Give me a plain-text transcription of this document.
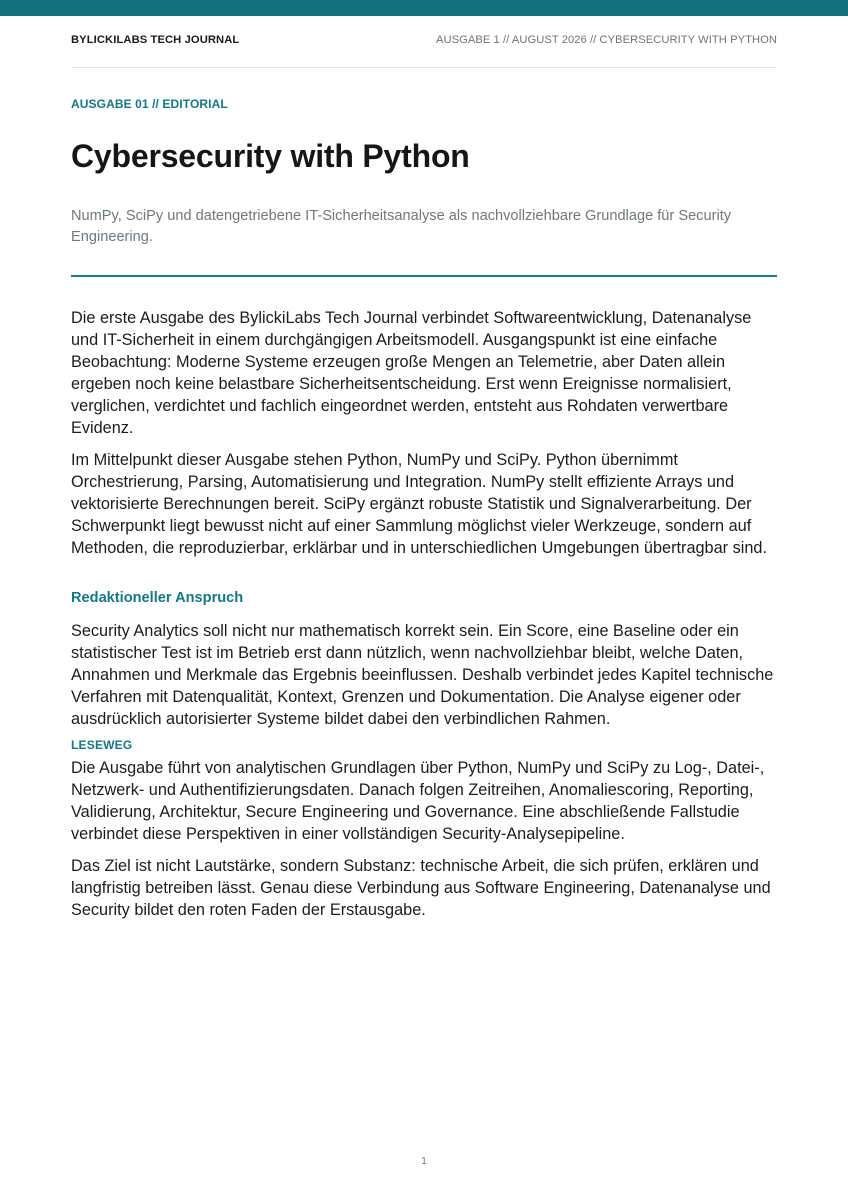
BYLICKILABS TECH JOURNAL	AUSGABE 1 // AUGUST 2026 // CYBERSECURITY WITH PYTHON
AUSGABE 01 // EDITORIAL
Cybersecurity with Python

NumPy, SciPy und datengetriebene IT-Sicherheitsanalyse als nachvollziehbare Grundlage für Security Engineering.

Die erste Ausgabe des BylickiLabs Tech Journal verbindet Softwareentwicklung, Datenanalyse und IT-Sicherheit in einem durchgängigen Arbeitsmodell. Ausgangspunkt ist eine einfache Beobachtung: Moderne Systeme erzeugen große Mengen an Telemetrie, aber Daten allein ergeben noch keine belastbare Sicherheitsentscheidung. Erst wenn Ereignisse normalisiert, verglichen, verdichtet und fachlich eingeordnet werden, entsteht aus Rohdaten verwertbare Evidenz.

Im Mittelpunkt dieser Ausgabe stehen Python, NumPy und SciPy. Python übernimmt Orchestrierung, Parsing, Automatisierung und Integration. NumPy stellt effiziente Arrays und vektorisierte Berechnungen bereit. SciPy ergänzt robuste Statistik und Signalverarbeitung. Der Schwerpunkt liegt bewusst nicht auf einer Sammlung möglichst vieler Werkzeuge, sondern auf Methoden, die reproduzierbar, erklärbar und in unterschiedlichen Umgebungen übertragbar sind.

Redaktioneller Anspruch

Security Analytics soll nicht nur mathematisch korrekt sein. Ein Score, eine Baseline oder ein statistischer Test ist im Betrieb erst dann nützlich, wenn nachvollziehbar bleibt, welche Daten, Annahmen und Merkmale das Ergebnis beeinflussen. Deshalb verbindet jedes Kapitel technische Verfahren mit Datenqualität, Kontext, Grenzen und Dokumentation. Die Analyse eigener oder ausdrücklich autorisierter Systeme bildet dabei den verbindlichen Rahmen.

LESEWEG

Die Ausgabe führt von analytischen Grundlagen über Python, NumPy und SciPy zu Log-, Datei-, Netzwerk- und Authentifizierungsdaten. Danach folgen Zeitreihen, Anomaliescoring, Reporting, Validierung, Architektur, Secure Engineering und Governance. Eine abschließende Fallstudie verbindet diese Perspektiven in einer vollständigen Security-Analysepipeline.

Das Ziel ist nicht Lautstärke, sondern Substanz: technische Arbeit, die sich prüfen, erklären und langfristig betreiben lässt. Genau diese Verbindung aus Software Engineering, Datenanalyse und Security bildet den roten Faden der Erstausgabe.

1
